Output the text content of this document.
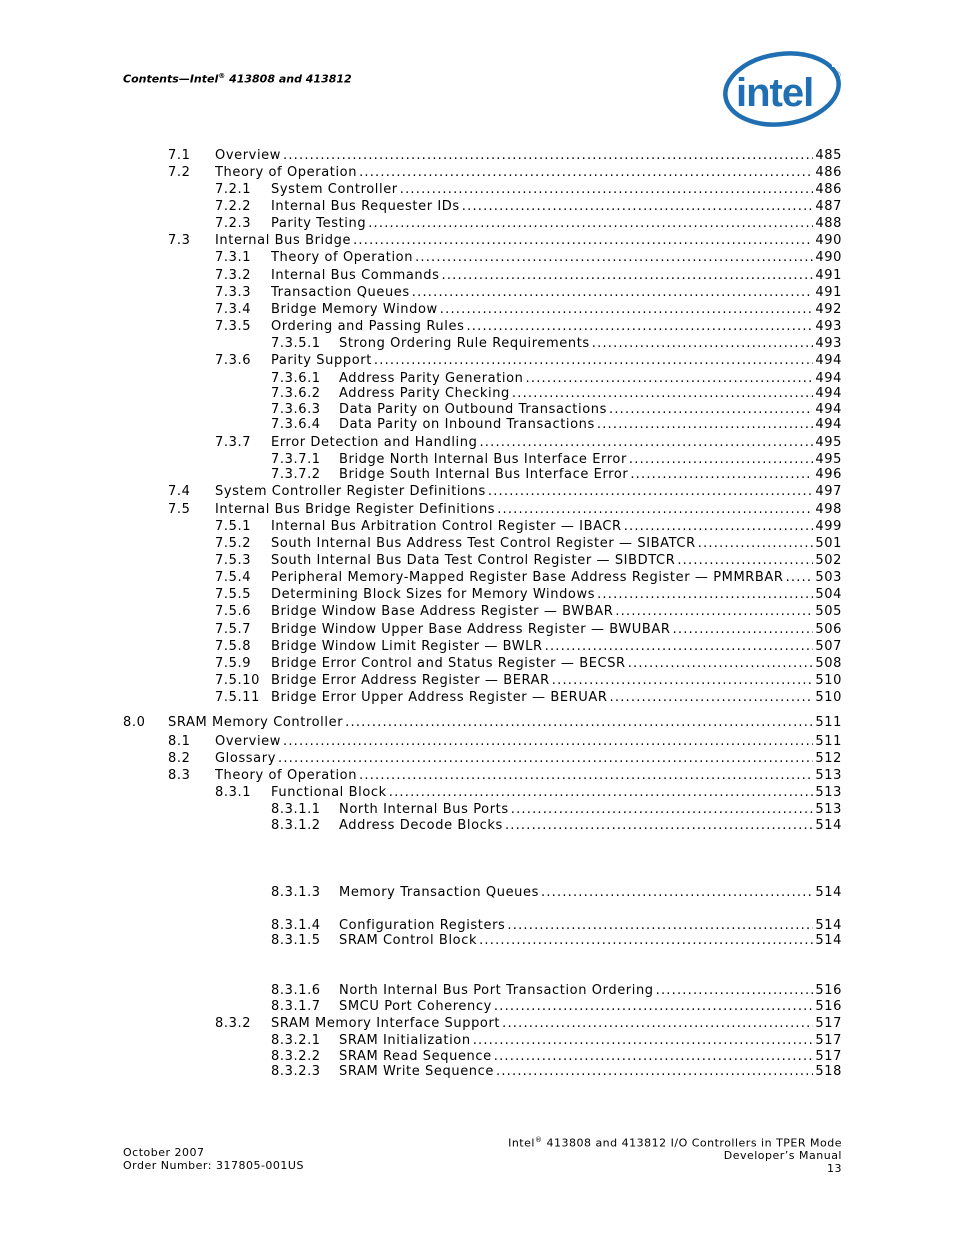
Contents—Intel® 413808 and 413812	intel ®
7.1 Overview .....	485
7.2 Theory of Operation .....	486
7.2.1 System Controller .....	486
7.2.2 Internal Bus Requester IDs .....	487
7.2.3 Parity Testing .....	488
7.3 Internal Bus Bridge .....	490
7.3.1 Theory of Operation .....	490
7.3.2 Internal Bus Commands .....	491
7.3.3 Transaction Queues .....	491
7.3.4 Bridge Memory Window .....	492
7.3.5 Ordering and Passing Rules .....	493
7.3.5.1 Strong Ordering Rule Requirements .....	493
7.3.6 Parity Support .....	494
7.3.6.1 Address Parity Generation .....	494
7.3.6.2 Address Parity Checking .....	494
7.3.6.3 Data Parity on Outbound Transactions .....	494
7.3.6.4 Data Parity on Inbound Transactions .....	494
7.3.7 Error Detection and Handling .....	495
7.3.7.1 Bridge North Internal Bus Interface Error .....	495
7.3.7.2 Bridge South Internal Bus Interface Error .....	496
7.4 System Controller Register Definitions .....	497
7.5 Internal Bus Bridge Register Definitions .....	498
7.5.1 Internal Bus Arbitration Control Register — IBACR .....	499
7.5.2 South Internal Bus Address Test Control Register — SIBATCR .....	501
7.5.3 South Internal Bus Data Test Control Register — SIBDTCR .....	502
7.5.4 Peripheral Memory-Mapped Register Base Address Register — PMMRBAR ..... 503
7.5.5 Determining Block Sizes for Memory Windows .....	504
7.5.6 Bridge Window Base Address Register — BWBAR .....	505
7.5.7 Bridge Window Upper Base Address Register — BWUBAR .....	506
7.5.8 Bridge Window Limit Register — BWLR .....	507
7.5.9 Bridge Error Control and Status Register — BECSR .....	508
7.5.10 Bridge Error Address Register — BERAR .....	510
7.5.11 Bridge Error Upper Address Register — BERUAR .....	510
8.0 SRAM Memory Controller .....	511
8.1 Overview .....	511
8.2 Glossary .....	512
8.3 Theory of Operation .....	513
8.3.1 Functional Block .....	513
8.3.1.1 North Internal Bus Ports .....	513
8.3.1.2 Address Decode Blocks .....	514
8.3.1.3 Memory Transaction Queues .....	514
8.3.1.4 Configuration Registers .....	514
8.3.1.5 SRAM Control Block .....	514
8.3.1.6 North Internal Bus Port Transaction Ordering .....	516
8.3.1.7 SMCU Port Coherency .....	516
8.3.2 SRAM Memory Interface Support .....	517
8.3.2.1 SRAM Initialization .....	517
8.3.2.2 SRAM Read Sequence .....	517
8.3.2.3 SRAM Write Sequence .....	518
October 2007
Order Number: 317805-001US
Intel® 413808 and 413812 I/O Controllers in TPER Mode
Developer’s Manual
13
